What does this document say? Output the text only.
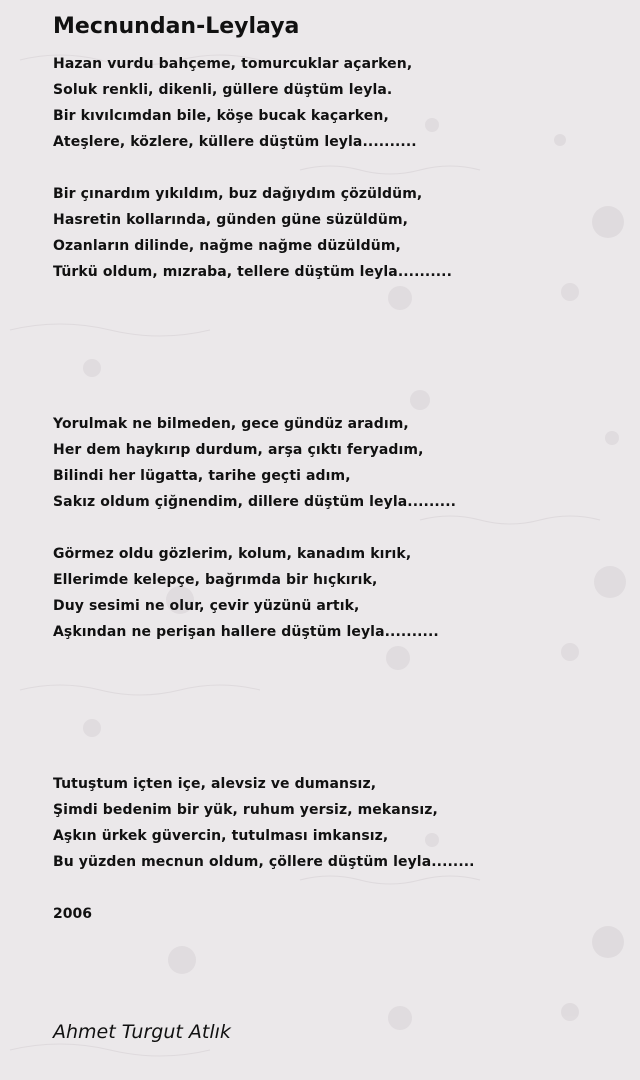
Mecnundan-Leylaya
Hazan vurdu bahçeme, tomurcuklar açarken,
Soluk renkli, dikenli, güllere düştüm leyla.
Bir kıvılcımdan bile, köşe bucak kaçarken,
Ateşlere, közlere, küllere düştüm leyla..........
Bir çınardım yıkıldım, buz dağıydım çözüldüm,
Hasretin kollarında, günden güne süzüldüm,
Ozanların dilinde, nağme nağme düzüldüm,
Türkü oldum, mızraba, tellere düştüm leyla..........
Yorulmak ne bilmeden, gece gündüz aradım,
Her dem haykırıp durdum, arşa çıktı feryadım,
Bilindi her lügatta, tarihe geçti adım,
Sakız oldum çiğnendim, dillere düştüm leyla.........
Görmez oldu gözlerim, kolum, kanadım kırık,
Ellerimde kelepçe, bağrımda bir hıçkırık,
Duy sesimi ne olur, çevir yüzünü artık,
Aşkından ne perişan hallere düştüm leyla..........
Tutuştum içten içe, alevsiz ve dumansız,
Şimdi bedenim bir yük, ruhum yersiz, mekansız,
Aşkın ürkek güvercin, tutulması imkansız,
Bu yüzden mecnun oldum, çöllere düştüm leyla........
2006
Ahmet Turgut Atlık
